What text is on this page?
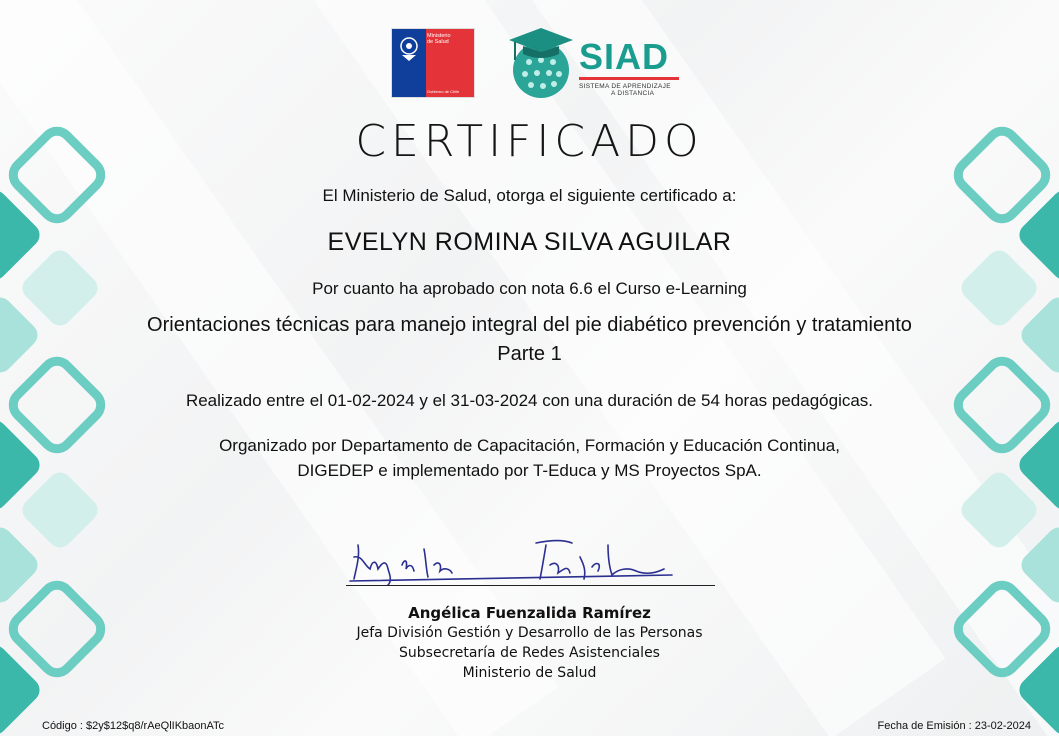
Ministerio
de Salud
Gobierno de Chile
SIAD
SISTEMA DE APRENDIZAJE
A DISTANCIA
CERTIFICADO
El Ministerio de Salud, otorga el siguiente certificado a:
EVELYN ROMINA SILVA AGUILAR
Por cuanto ha aprobado con nota 6.6 el Curso e-Learning
Orientaciones técnicas para manejo integral del pie diabético prevención y tratamiento
Parte 1
Realizado entre el 01-02-2024 y el 31-03-2024 con una duración de 54 horas pedagógicas.
Organizado por Departamento de Capacitación, Formación y Educación Continua,
DIGEDEP e implementado por T-Educa y MS Proyectos SpA.
Angélica Fuenzalida Ramírez
Jefa División Gestión y Desarrollo de las Personas
Subsecretaría de Redes Asistenciales
Ministerio de Salud
Código : $2y$12$q8/rAeQlIKbaonATc	Fecha de Emisión : 23-02-2024
